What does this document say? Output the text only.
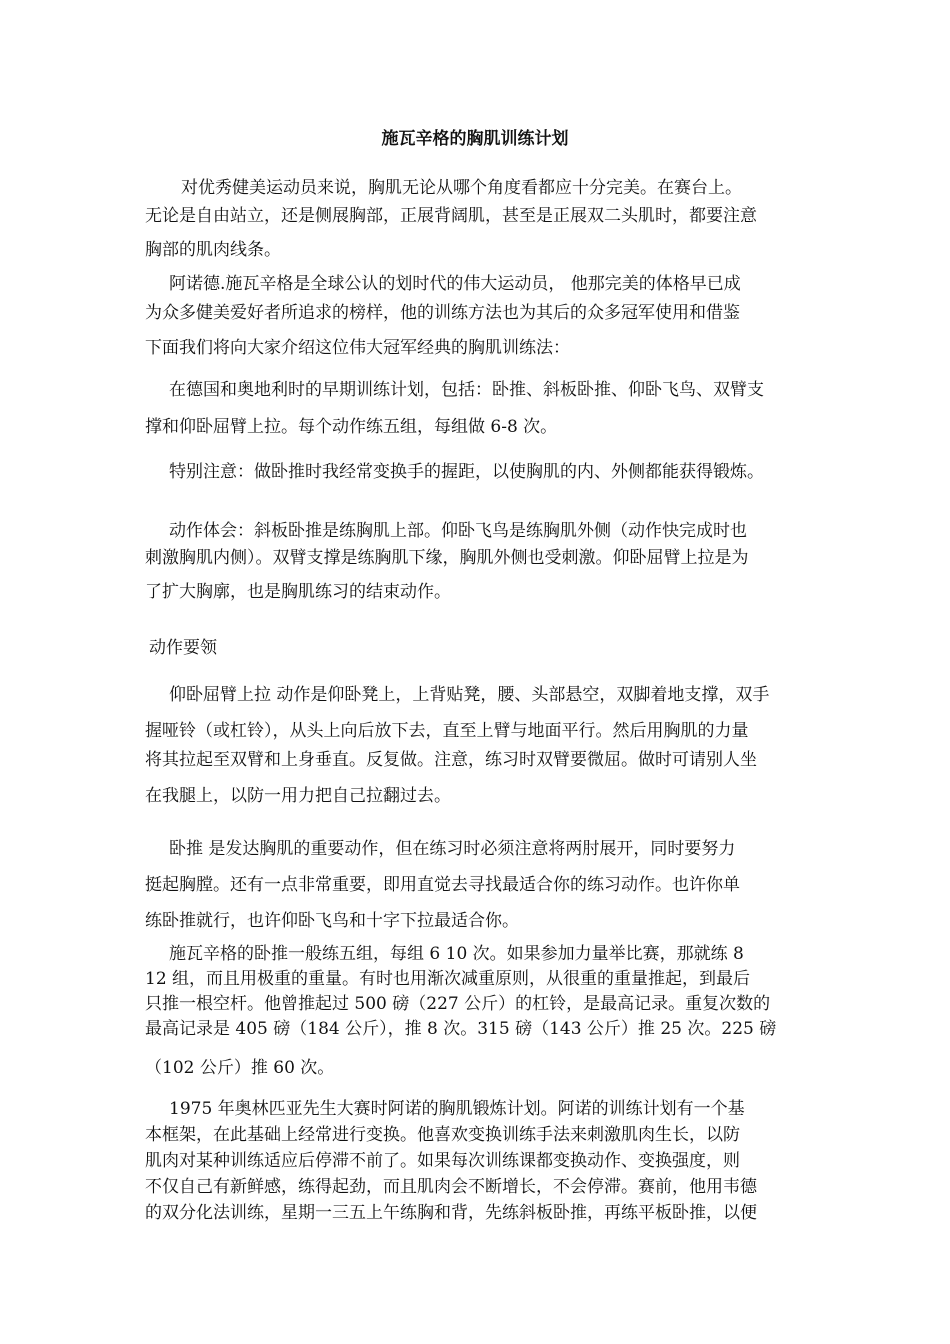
施瓦辛格的胸肌训练计划
对优秀健美运动员来说，胸肌无论从哪个角度看都应十分完美。在赛台上。
无论是自由站立，还是侧展胸部，正展背阔肌，甚至是正展双二头肌时，都要注意
胸部的肌肉线条。
阿诺德.施瓦辛格是全球公认的划时代的伟大运动员， 他那完美的体格早已成
为众多健美爱好者所追求的榜样，他的训练方法也为其后的众多冠军使用和借鉴
下面我们将向大家介绍这位伟大冠军经典的胸肌训练法：
在德国和奥地利时的早期训练计划，包括：卧推、斜板卧推、仰卧飞鸟、双臂支
撑和仰卧屈臂上拉。每个动作练五组，每组做 6-8 次。
特别注意：做卧推时我经常变换手的握距，以使胸肌的内、外侧都能获得锻炼。
动作体会：斜板卧推是练胸肌上部。仰卧飞鸟是练胸肌外侧（动作快完成时也
刺激胸肌内侧）。双臂支撑是练胸肌下缘，胸肌外侧也受刺激。仰卧屈臂上拉是为
了扩大胸廓，也是胸肌练习的结束动作。
动作要领
仰卧屈臂上拉 动作是仰卧凳上，上背贴凳，腰、头部悬空，双脚着地支撑，双手
握哑铃（或杠铃），从头上向后放下去，直至上臂与地面平行。然后用胸肌的力量
将其拉起至双臂和上身垂直。反复做。注意，练习时双臂要微屈。做时可请别人坐
在我腿上，以防一用力把自己拉翻过去。
卧推 是发达胸肌的重要动作，但在练习时必须注意将两肘展开，同时要努力
挺起胸膛。还有一点非常重要，即用直觉去寻找最适合你的练习动作。也许你单
练卧推就行，也许仰卧飞鸟和十字下拉最适合你。
施瓦辛格的卧推一般练五组，每组 6 10 次。如果参加力量举比赛，那就练 8
12 组，而且用极重的重量。有时也用渐次减重原则，从很重的重量推起，到最后
只推一根空杆。他曾推起过 500 磅（227 公斤）的杠铃，是最高记录。重复次数的
最高记录是 405 磅（184 公斤），推 8 次。315 磅（143 公斤）推 25 次。225 磅
（102 公斤）推 60 次。
1975 年奥林匹亚先生大赛时阿诺的胸肌锻炼计划。阿诺的训练计划有一个基
本框架，在此基础上经常进行变换。他喜欢变换训练手法来刺激肌肉生长，以防
肌肉对某种训练适应后停滞不前了。如果每次训练课都变换动作、变换强度，则
不仅自己有新鲜感，练得起劲，而且肌肉会不断增长，不会停滞。赛前，他用韦德
的双分化法训练，星期一三五上午练胸和背，先练斜板卧推，再练平板卧推，以便
